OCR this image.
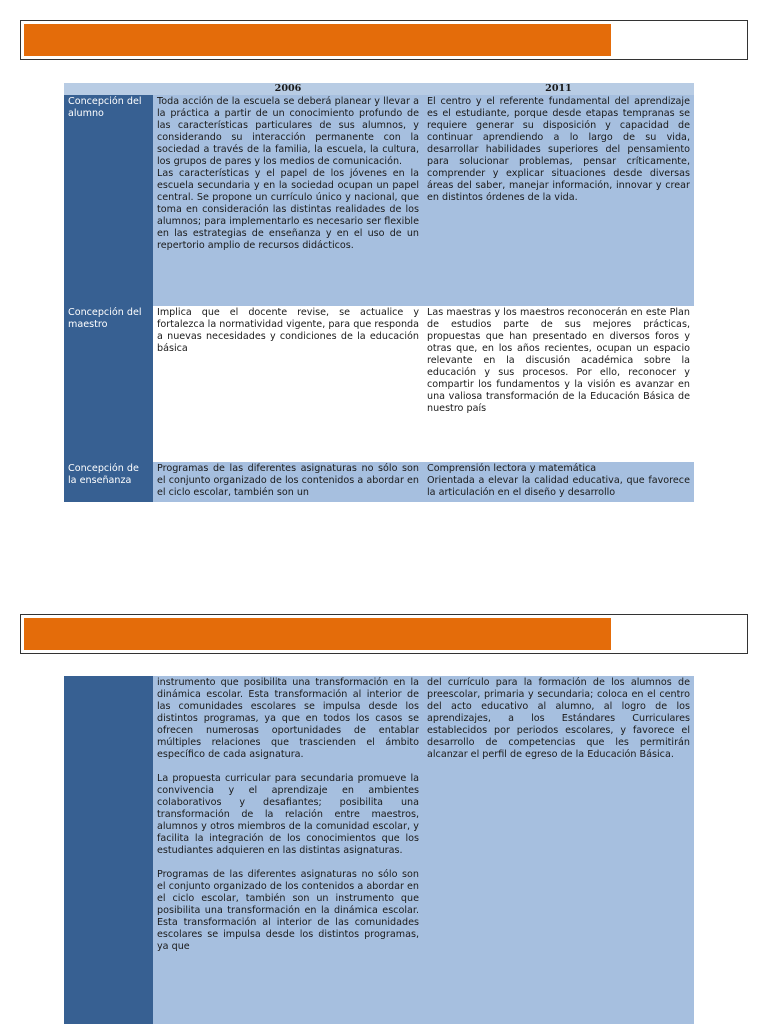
2006	2011
Concepción del alumno

Toda acción de la escuela se deberá planear y llevar a la práctica a partir de un conocimiento profundo de las características particulares de sus alumnos, y considerando su interacción permanente con la sociedad a través de la familia, la escuela, la cultura, los grupos de pares y los medios de comunicación.

Las características y el papel de los jóvenes en la escuela secundaria y en la sociedad ocupan un papel central. Se propone un currículo único y nacional, que toma en consideración las distintas realidades de los alumnos; para implementarlo es necesario ser flexible en las estrategias de enseñanza y en el uso de un repertorio amplio de recursos didácticos.

El centro y el referente fundamental del aprendizaje es el estudiante, porque desde etapas tempranas se requiere generar su disposición y capacidad de continuar aprendiendo a lo largo de su vida, desarrollar habilidades superiores del pensamiento para solucionar problemas, pensar críticamente, comprender y explicar situaciones desde diversas áreas del saber, manejar información, innovar y crear en distintos órdenes de la vida.

Concepción del maestro

Implica que el docente revise, se actualice y fortalezca la normatividad vigente, para que responda a nuevas necesidades y condiciones de la educación básica

Las maestras y los maestros reconocerán en este Plan de estudios parte de sus mejores prácticas, propuestas que han presentado en diversos foros y otras que, en los años recientes, ocupan un espacio relevante en la discusión académica sobre la educación y sus procesos. Por ello, reconocer y compartir los fundamentos y la visión es avanzar en una valiosa transformación de la Educación Básica de nuestro país

Concepción de la enseñanza

Programas de las diferentes asignaturas no sólo son el conjunto organizado de los contenidos a abordar en el ciclo escolar, también son un

Comprensión lectora y matemática

Orientada a elevar la calidad educativa, que favorece la articulación en el diseño y desarrollo

instrumento que posibilita una transformación en la dinámica escolar. Esta transformación al interior de las comunidades escolares se impulsa desde los distintos programas, ya que en todos los casos se ofrecen numerosas oportunidades de entablar múltiples relaciones que trascienden el ámbito específico de cada asignatura.

La propuesta curricular para secundaria promueve la convivencia y el aprendizaje en ambientes colaborativos y desafiantes; posibilita una transformación de la relación entre maestros, alumnos y otros miembros de la comunidad escolar, y facilita la integración de los conocimientos que los estudiantes adquieren en las distintas asignaturas.

Programas de las diferentes asignaturas no sólo son el conjunto organizado de los contenidos a abordar en el ciclo escolar, también son un instrumento que posibilita una transformación en la dinámica escolar. Esta transformación al interior de las comunidades escolares se impulsa desde los distintos programas, ya que

del currículo para la formación de los alumnos de preescolar, primaria y secundaria; coloca en el centro del acto educativo al alumno, al logro de los aprendizajes, a los Estándares Curriculares establecidos por periodos escolares, y favorece el desarrollo de competencias que les permitirán alcanzar el perfil de egreso de la Educación Básica.
